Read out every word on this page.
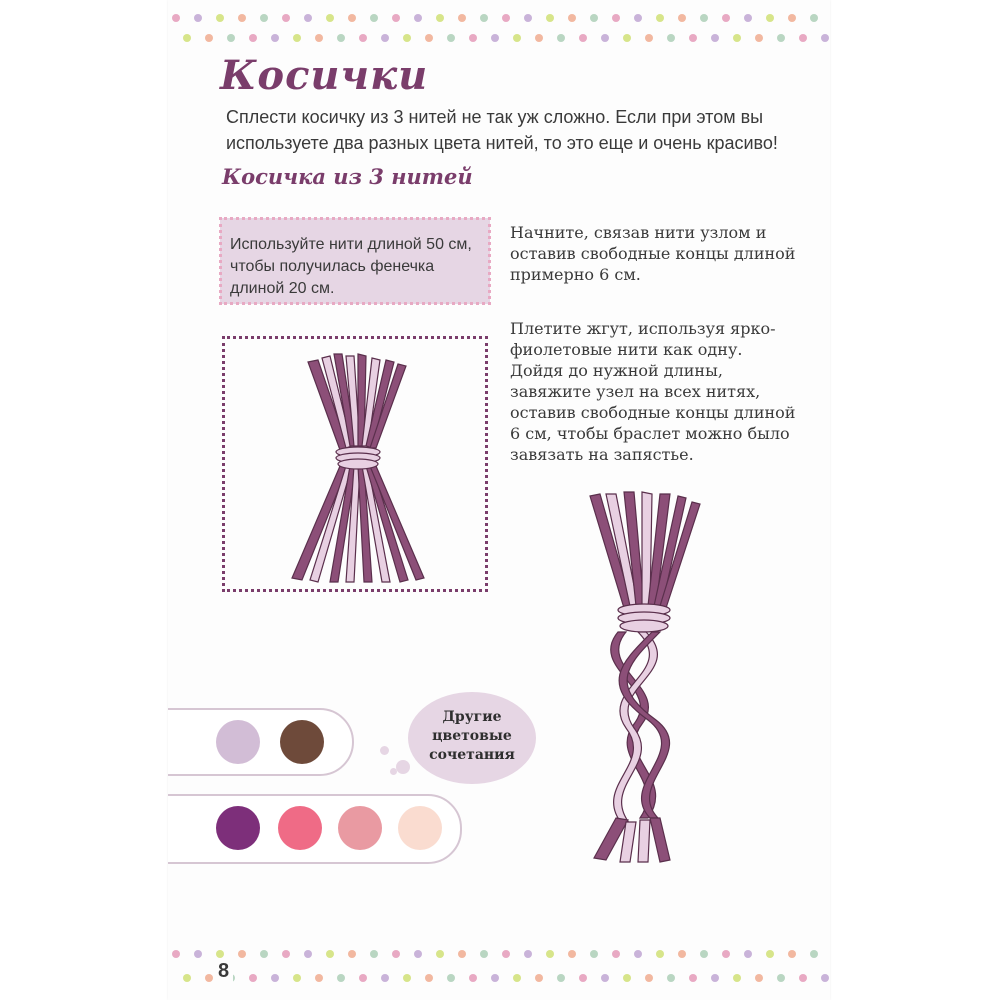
Косички

Сплести косичку из 3 нитей не так уж сложно. Если при этом вы используете два разных цвета нитей, то это еще и очень красиво!

Косичка из 3 нитей

Используйте нити длиной 50 см, чтобы получилась фенечка длиной 20 см.

Начните, связав нити узлом и оставив свободные концы длиной примерно 6 см.

Плетите жгут, используя ярко-фиолетовые нити как одну. Дойдя до нужной длины, завяжите узел на всех нитях, оставив свободные концы длиной 6 см, чтобы браслет можно было завязать на запястье.

Другие цветовые сочетания

8
